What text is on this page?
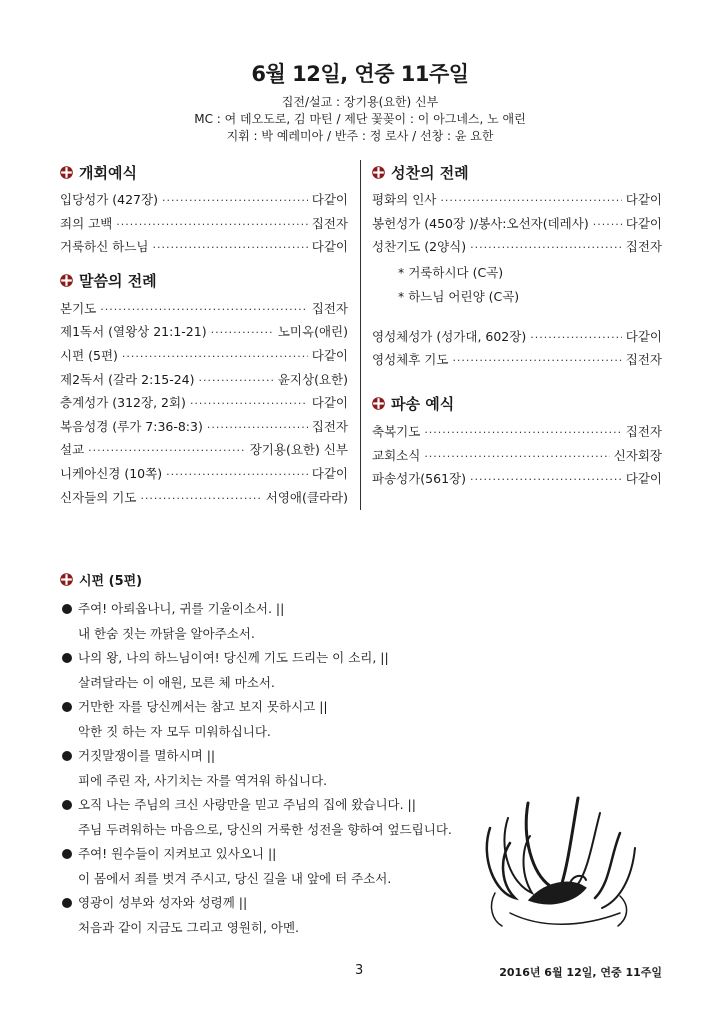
6월 12일, 연중 11주일
집전/설교 : 장기용(요한) 신부
MC : 여 데오도로, 김 마틴 / 제단 꽃꽂이 : 이 아그네스, 노 애린
지휘 : 박 예레미아 / 반주 : 정 로사 / 선창 : 윤 요한
개회예식
입당성가 (427장) ·····	다같이
죄의 고백 ·····	집전자
거룩하신 하느님 ·····	다같이
말씀의 전례
본기도 ·····	집전자
제1독서 (열왕상 21:1-21) ·····	노미옥(애린)
시편 (5편) ·····	다같이
제2독서 (갈라 2:15-24) ·····	윤지상(요한)
층계성가 (312장, 2회) ·····	다같이
복음성경 (루가 7:36-8:3) ·····	집전자
설교 ·····	장기용(요한) 신부
니케아신경 (10쪽) ·····	다같이
신자들의 기도 ·····	서영애(클라라)
성찬의 전례
평화의 인사 ·····	다같이
봉헌성가 (450장 )/봉사:오선자(데레사) ·····	다같이
성찬기도 (2양식) ·····	집전자
* 거룩하시다 (C곡)
* 하느님 어린양 (C곡)
영성체성가 (성가대, 602장) ·····	다같이
영성체후 기도 ·····	집전자
파송 예식
축복기도 ·····	집전자
교회소식 ·····	신자회장
파송성가(561장) ·····	다같이
시편 (5편)
주여! 아뢰옵나니, 귀를 기울이소서. ||
내 한숨 짓는 까닭을 알아주소서.
나의 왕, 나의 하느님이여! 당신께 기도 드리는 이 소리, ||
살려달라는 이 애원, 모른 체 마소서.
거만한 자를 당신께서는 참고 보지 못하시고 ||
악한 짓 하는 자 모두 미워하십니다.
거짓말쟁이를 멸하시며 ||
피에 주린 자, 사기치는 자를 역겨워 하십니다.
오직 나는 주님의 크신 사랑만을 믿고 주님의 집에 왔습니다. ||
주님 두려워하는 마음으로, 당신의 거룩한 성전을 향하여 엎드립니다.
주여! 원수들이 지켜보고 있사오니 ||
이 몸에서 죄를 벗겨 주시고, 당신 길을 내 앞에 터 주소서.
영광이 성부와 성자와 성령께 ||
처음과 같이 지금도 그리고 영원히, 아멘.
3	2016년 6월 12일, 연중 11주일
